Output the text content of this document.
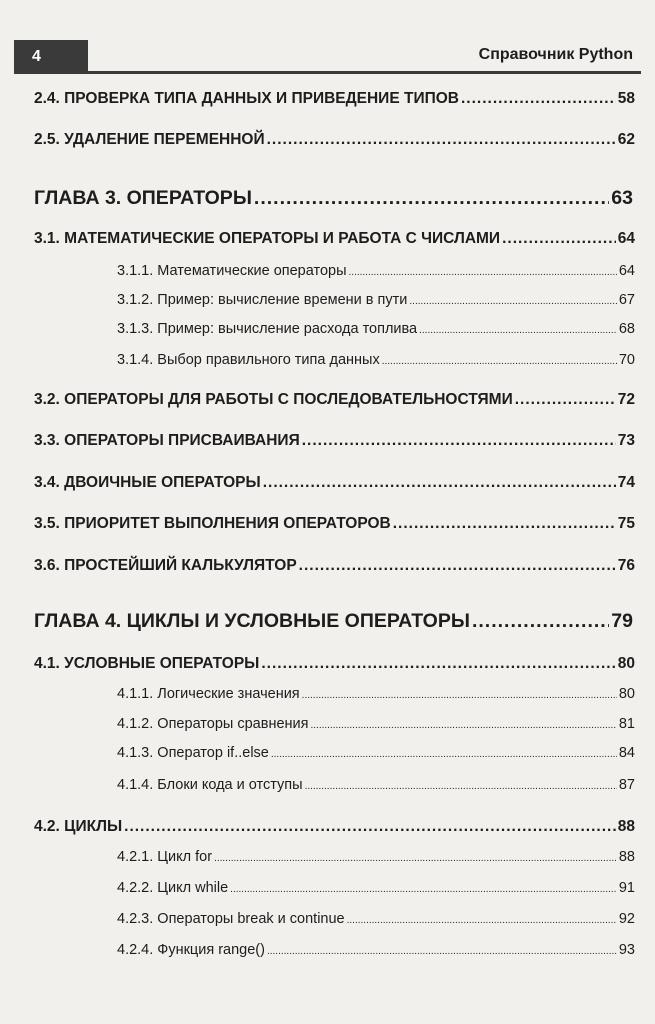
4	Справочник Python
2.4. ПРОВЕРКА ТИПА ДАННЫХ И ПРИВЕДЕНИЕ ТИПОВ .....	58
2.5. УДАЛЕНИЕ ПЕРЕМЕННОЙ .....	62
ГЛАВА 3. ОПЕРАТОРЫ .....	63
3.1. МАТЕМАТИЧЕСКИЕ ОПЕРАТОРЫ И РАБОТА С ЧИСЛАМИ .....	64
3.1.1. Математические операторы .....	64
3.1.2. Пример: вычисление времени в пути .....	67
3.1.3. Пример: вычисление расхода топлива .....	68
3.1.4. Выбор правильного типа данных .....	70
3.2. ОПЕРАТОРЫ ДЛЯ РАБОТЫ С ПОСЛЕДОВАТЕЛЬНОСТЯМИ .....	72
3.3. ОПЕРАТОРЫ ПРИСВАИВАНИЯ .....	73
3.4. ДВОИЧНЫЕ ОПЕРАТОРЫ .....	74
3.5. ПРИОРИТЕТ ВЫПОЛНЕНИЯ ОПЕРАТОРОВ .....	75
3.6. ПРОСТЕЙШИЙ КАЛЬКУЛЯТОР .....	76
ГЛАВА 4. ЦИКЛЫ И УСЛОВНЫЕ ОПЕРАТОРЫ .....	79
4.1. УСЛОВНЫЕ ОПЕРАТОРЫ .....	80
4.1.1. Логические значения .....	80
4.1.2. Операторы сравнения .....	81
4.1.3. Оператор if..else .....	84
4.1.4. Блоки кода и отступы .....	87
4.2. ЦИКЛЫ .....	88
4.2.1. Цикл for .....	88
4.2.2. Цикл while .....	91
4.2.3. Операторы break и continue .....	92
4.2.4. Функция range() .....	93
